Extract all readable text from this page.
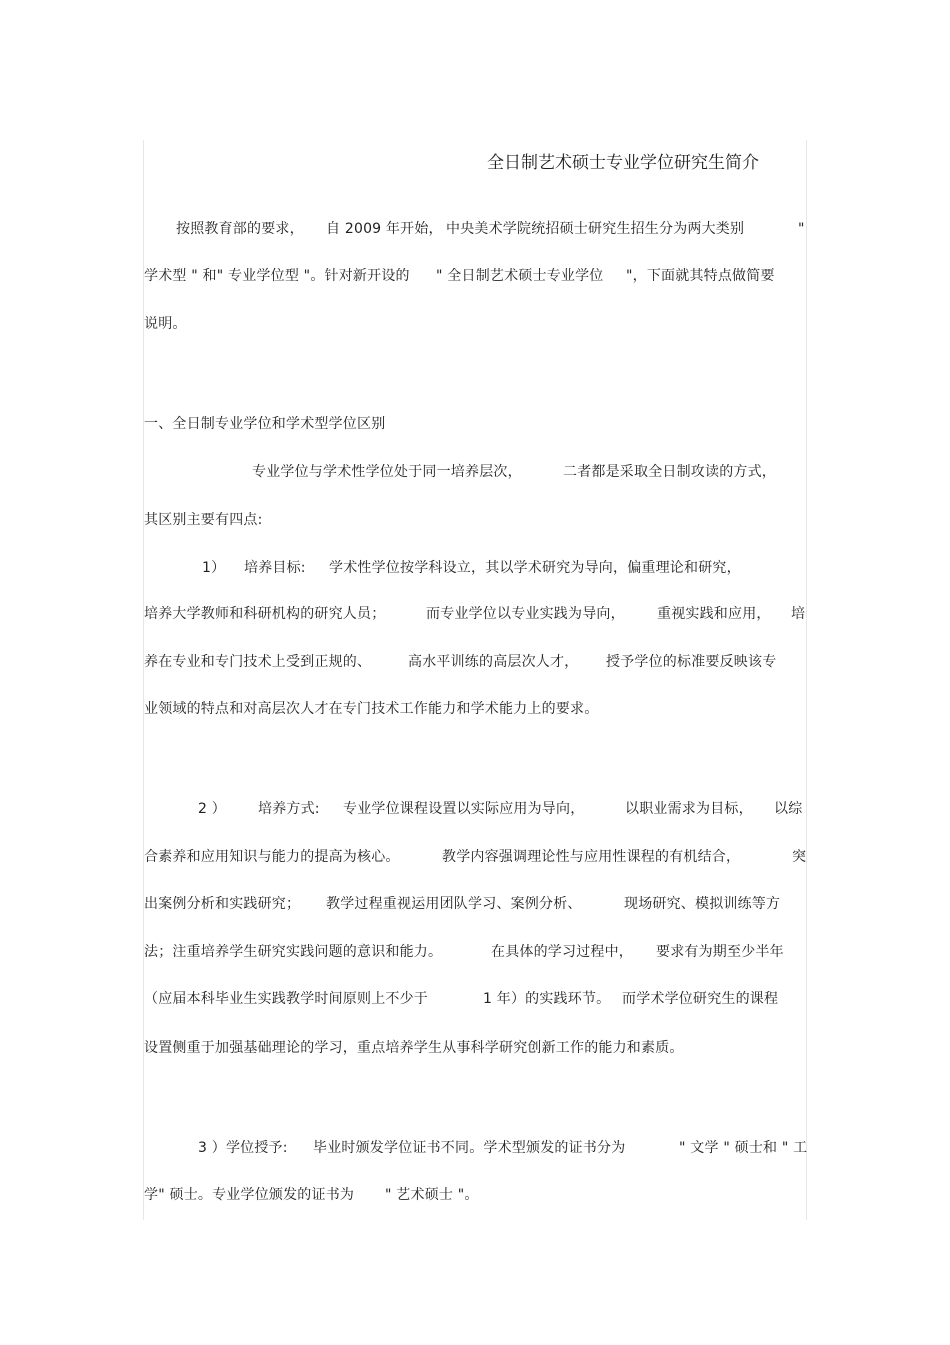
全日制艺术硕士专业学位研究生简介
按照教育部的要求， 自 2009 年开始， 中央美术学院统招硕士研究生招生分为两大类别	"
学术型 " 和" 专业学位型 "。针对新开设的 " 全日制艺术硕士专业学位 "，下面就其特点做简要
说明。
一、全日制专业学位和学术型学位区别
专业学位与学术性学位处于同一培养层次，	二者都是采取全日制攻读的方式，
其区别主要有四点:
1） 培养目标: 学术性学位按学科设立，其以学术研究为导向，偏重理论和研究，
培养大学教师和科研机构的研究人员；	而专业学位以专业实践为导向， 重视实践和应用， 培
养在专业和专门技术上受到正规的、	高水平训练的高层次人才， 授予学位的标准要反映该专
业领域的特点和对高层次人才在专门技术工作能力和学术能力上的要求。
2 ） 培养方式: 专业学位课程设置以实际应用为导向，	以职业需求为目标， 以综
合素养和应用知识与能力的提高为核心。	教学内容强调理论性与应用性课程的有机结合，	突
出案例分析和实践研究； 教学过程重视运用团队学习、案例分析、	现场研究、模拟训练等方
法；注重培养学生研究实践问题的意识和能力。	在具体的学习过程中， 要求有为期至少半年
（应届本科毕业生实践教学时间原则上不少于	1 年）的实践环节。 而学术学位研究生的课程
设置侧重于加强基础理论的学习，重点培养学生从事科学研究创新工作的能力和素质。
3 ）学位授予: 毕业时颁发学位证书不同。学术型颁发的证书分为	" 文学 " 硕士和 " 工
学" 硕士。专业学位颁发的证书为 " 艺术硕士 "。
